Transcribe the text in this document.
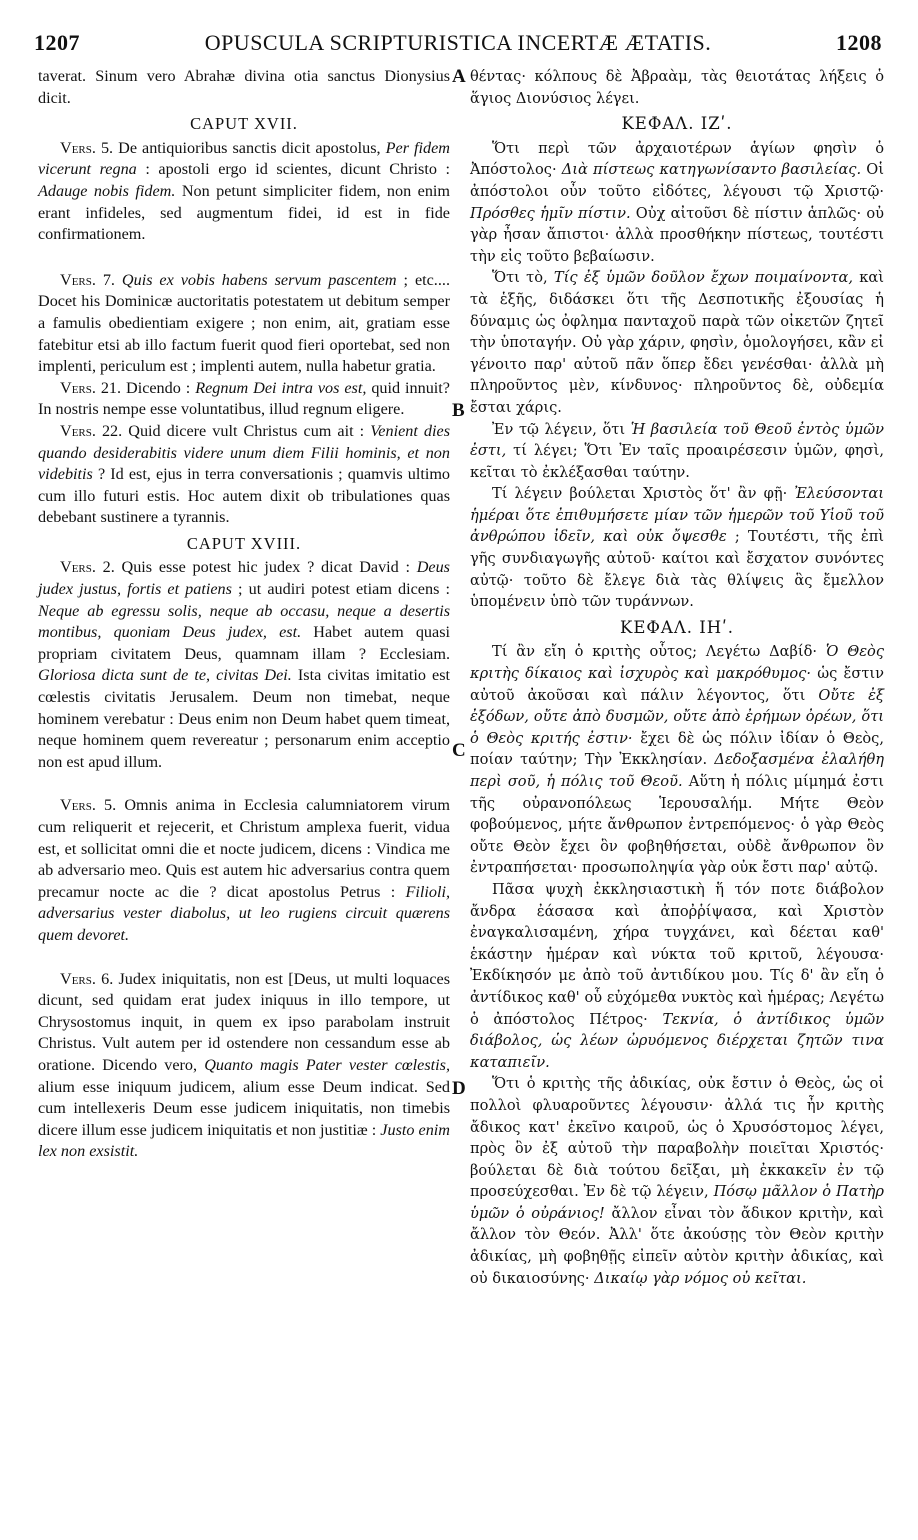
1207	OPUSCULA SCRIPTURISTICA INCERTÆ ÆTATIS.	1208
A
B
C
D

taverat. Sinum vero Abrahæ divina otia sanctus Dionysius dicit.

CAPUT XVII.

Vers. 5. De antiquioribus sanctis dicit apostolus, Per fidem vicerunt regna : apostoli ergo id scientes, dicunt Christo : Adauge nobis fidem. Non petunt simpliciter fidem, non enim erant infideles, sed augmentum fidei, id est in fide confirmationem.

Vers. 7. Quis ex vobis habens servum pascentem ; etc.... Docet his Dominicæ auctoritatis potestatem ut debitum semper a famulis obedientiam exigere ; non enim, ait, gratiam esse fatebitur etsi ab illo factum fuerit quod fieri oportebat, sed non implenti, periculum est ; implenti autem, nulla habetur gratia.

Vers. 21. Dicendo : Regnum Dei intra vos est, quid innuit? In nostris nempe esse voluntatibus, illud regnum eligere.

Vers. 22. Quid dicere vult Christus cum ait : Venient dies quando desiderabitis videre unum diem Filii hominis, et non videbitis ? Id est, ejus in terra conversationis ; quamvis ultimo cum illo futuri estis. Hoc autem dixit ob tribulationes quas debebant sustinere a tyrannis.

CAPUT XVIII.

Vers. 2. Quis esse potest hic judex ? dicat David : Deus judex justus, fortis et patiens ; ut audiri potest etiam dicens : Neque ab egressu solis, neque ab occasu, neque a desertis montibus, quoniam Deus judex, est. Habet autem quasi propriam civitatem Deus, quamnam illam ? Ecclesiam. Gloriosa dicta sunt de te, civitas Dei. Ista civitas imitatio est cœlestis civitatis Jerusalem. Deum non timebat, neque hominem verebatur : Deus enim non Deum habet quem timeat, neque hominem quem revereatur ; personarum enim acceptio non est apud illum.

Vers. 5. Omnis anima in Ecclesia calumniatorem virum cum reliquerit et rejecerit, et Christum amplexa fuerit, vidua est, et sollicitat omni die et nocte judicem, dicens : Vindica me ab adversario meo. Quis est autem hic adversarius contra quem precamur nocte ac die ? dicat apostolus Petrus : Filioli, adversarius vester diabolus, ut leo rugiens circuit quærens quem devoret.

Vers. 6. Judex iniquitatis, non est [Deus, ut multi loquaces dicunt, sed quidam erat judex iniquus in illo tempore, ut Chrysostomus inquit, in quem ex ipso parabolam instruit Christus. Vult autem per id ostendere non cessandum esse ab oratione. Dicendo vero, Quanto magis Pater vester cœlestis, alium esse iniquum judicem, alium esse Deum indicat. Sed cum intellexeris Deum esse judicem iniquitatis, non timebis dicere illum esse judicem iniquitatis et non justitiæ : Justo enim lex non exsistit.

θέντας· κόλπους δὲ Ἀβραὰμ, τὰς θειοτάτας λήξεις ὁ ἅγιος Διονύσιος λέγει.

ΚΕΦΑΛ. ΙΖʹ.

Ὅτι περὶ τῶν ἀρχαιοτέρων ἁγίων φησὶν ὁ Ἀπόστολος· Διὰ πίστεως κατηγωνίσαντο βασιλείας. Οἱ ἀπόστολοι οὖν τοῦτο εἰδότες, λέγουσι τῷ Χριστῷ· Πρόσθες ἡμῖν πίστιν. Οὐχ αἰτοῦσι δὲ πίστιν ἁπλῶς· οὐ γὰρ ἦσαν ἄπιστοι· ἀλλὰ προσθήκην πίστεως, τουτέστι τὴν εἰς τοῦτο βεβαίωσιν.

Ὅτι τὸ, Τίς ἐξ ὑμῶν δοῦλον ἔχων ποιμαίνοντα, καὶ τὰ ἑξῆς, διδάσκει ὅτι τῆς Δεσποτικῆς ἐξουσίας ἡ δύναμις ὡς ὀφλημα πανταχοῦ παρὰ τῶν οἰκετῶν ζητεῖ τὴν ὑποταγήν. Οὐ γὰρ χάριν, φησὶν, ὁμολογήσει, κἂν εἰ γένοιτο παρ' αὐτοῦ πᾶν ὅπερ ἔδει γενέσθαι· ἀλλὰ μὴ πληροῦντος μὲν, κίνδυνος· πληροῦντος δὲ, οὐδεμία ἔσται χάρις.

Ἐν τῷ λέγειν, ὅτι Ἡ βασιλεία τοῦ Θεοῦ ἐντὸς ὑμῶν ἐστι, τί λέγει; Ὅτι Ἐν ταῖς προαιρέσεσιν ὑμῶν, φησὶ, κεῖται τὸ ἐκλέξασθαι ταύτην.

Τί λέγειν βούλεται Χριστὸς ὅτ' ἂν φῇ· Ἐλεύσονται ἡμέραι ὅτε ἐπιθυμήσετε μίαν τῶν ἡμερῶν τοῦ Υἱοῦ τοῦ ἀνθρώπου ἰδεῖν, καὶ οὐκ ὄψεσθε ; Τουτέστι, τῆς ἐπὶ γῆς συνδιαγωγῆς αὐτοῦ· καίτοι καὶ ἔσχατον συνόντες αὐτῷ· τοῦτο δὲ ἔλεγε διὰ τὰς θλίψεις ἃς ἔμελλον ὑπομένειν ὑπὸ τῶν τυράννων.

ΚΕΦΑΛ. ΙΗʹ.

Τί ἂν εἴη ὁ κριτὴς οὗτος; Λεγέτω Δαβίδ· Ὁ Θεὸς κριτὴς δίκαιος καὶ ἰσχυρὸς καὶ μακρόθυμος· ὡς ἔστιν αὐτοῦ ἀκοῦσαι καὶ πάλιν λέγοντος, ὅτι Οὔτε ἐξ ἐξόδων, οὔτε ἀπὸ δυσμῶν, οὔτε ἀπὸ ἐρήμων ὀρέων, ὅτι ὁ Θεὸς κριτής ἐστιν· ἔχει δὲ ὡς πόλιν ἰδίαν ὁ Θεὸς, ποίαν ταύτην; Τὴν Ἐκκλησίαν. Δεδοξασμένα ἐλαλήθη περὶ σοῦ, ἡ πόλις τοῦ Θεοῦ. Αὕτη ἡ πόλις μίμημά ἐστι τῆς οὐρανοπόλεως Ἱερουσαλήμ. Μήτε Θεὸν φοβούμενος, μήτε ἄνθρωπον ἐντρεπόμενος· ὁ γὰρ Θεὸς οὔτε Θεὸν ἔχει ὃν φοβηθήσεται, οὐδὲ ἄνθρωπον ὃν ἐντραπήσεται· προσωποληψία γὰρ οὐκ ἔστι παρ' αὐτῷ.

Πᾶσα ψυχὴ ἐκκλησιαστικὴ ἥ τόν ποτε διάβολον ἄνδρα ἐάσασα καὶ ἀποῤῥίψασα, καὶ Χριστὸν ἐναγκαλισαμένη, χήρα τυγχάνει, καὶ δέεται καθ' ἑκάστην ἡμέραν καὶ νύκτα τοῦ κριτοῦ, λέγουσα· Ἐκδίκησόν με ἀπὸ τοῦ ἀντιδίκου μου. Τίς δ' ἂν εἴη ὁ ἀντίδικος καθ' οὗ εὐχόμεθα νυκτὸς καὶ ἡμέρας; Λεγέτω ὁ ἀπόστολος Πέτρος· Τεκνία, ὁ ἀντίδικος ὑμῶν διάβολος, ὡς λέων ὠρυόμενος διέρχεται ζητῶν τινα καταπιεῖν.

Ὅτι ὁ κριτὴς τῆς ἀδικίας, οὐκ ἔστιν ὁ Θεὸς, ὡς οἱ πολλοὶ φλυαροῦντες λέγουσιν· ἀλλά τις ἦν κριτὴς ἄδικος κατ' ἐκεῖνο καιροῦ, ὡς ὁ Χρυσόστομος λέγει, πρὸς ὃν ἐξ αὐτοῦ τὴν παραβολὴν ποιεῖται Χριστός· βούλεται δὲ διὰ τούτου δεῖξαι, μὴ ἐκκακεῖν ἐν τῷ προσεύχεσθαι. Ἐν δὲ τῷ λέγειν, Πόσῳ μᾶλλον ὁ Πατὴρ ὑμῶν ὁ οὐράνιος! ἄλλον εἶναι τὸν ἄδικον κριτὴν, καὶ ἄλλον τὸν Θεόν. Ἀλλ' ὅτε ἀκούσῃς τὸν Θεὸν κριτὴν ἀδικίας, μὴ φοβηθῇς εἰπεῖν αὐτὸν κριτὴν ἀδικίας, καὶ οὐ δικαιοσύνης· Δικαίῳ γὰρ νόμος οὐ κεῖται.
